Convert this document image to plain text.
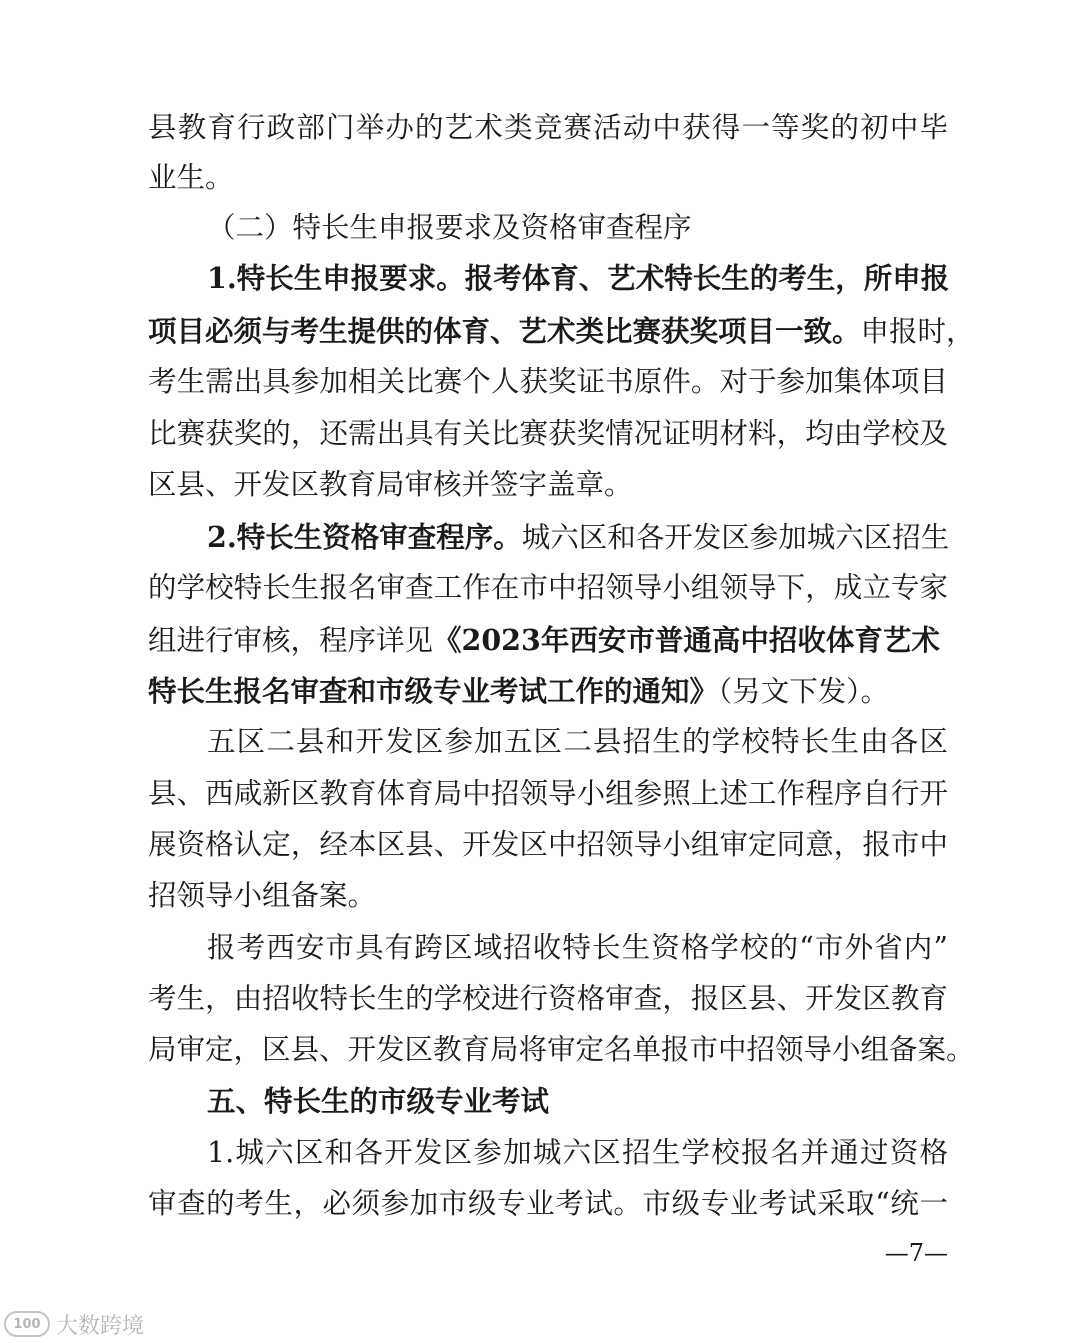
县教育行政部门举办的艺术类竞赛活动中获得一等奖的初中毕
业生。
（二）特长生申报要求及资格审查程序
1.特长生申报要求。报考体育、艺术特长生的考生，所申报
项目必须与考生提供的体育、艺术类比赛获奖项目一致。申报时，
考生需出具参加相关比赛个人获奖证书原件。对于参加集体项目
比赛获奖的，还需出具有关比赛获奖情况证明材料，均由学校及
区县、开发区教育局审核并签字盖章。
2.特长生资格审查程序。城六区和各开发区参加城六区招生
的学校特长生报名审查工作在市中招领导小组领导下，成立专家
组进行审核，程序详见《2023年西安市普通高中招收体育艺术
特长生报名审查和市级专业考试工作的通知》（另文下发）。
五区二县和开发区参加五区二县招生的学校特长生由各区
县、西咸新区教育体育局中招领导小组参照上述工作程序自行开
展资格认定，经本区县、开发区中招领导小组审定同意，报市中
招领导小组备案。
报考西安市具有跨区域招收特长生资格学校的“市外省内”
考生，由招收特长生的学校进行资格审查，报区县、开发区教育
局审定，区县、开发区教育局将审定名单报市中招领导小组备案。
五、特长生的市级专业考试
1.城六区和各开发区参加城六区招生学校报名并通过资格
审查的考生，必须参加市级专业考试。市级专业考试采取“统一
—7—
100 大数跨境
